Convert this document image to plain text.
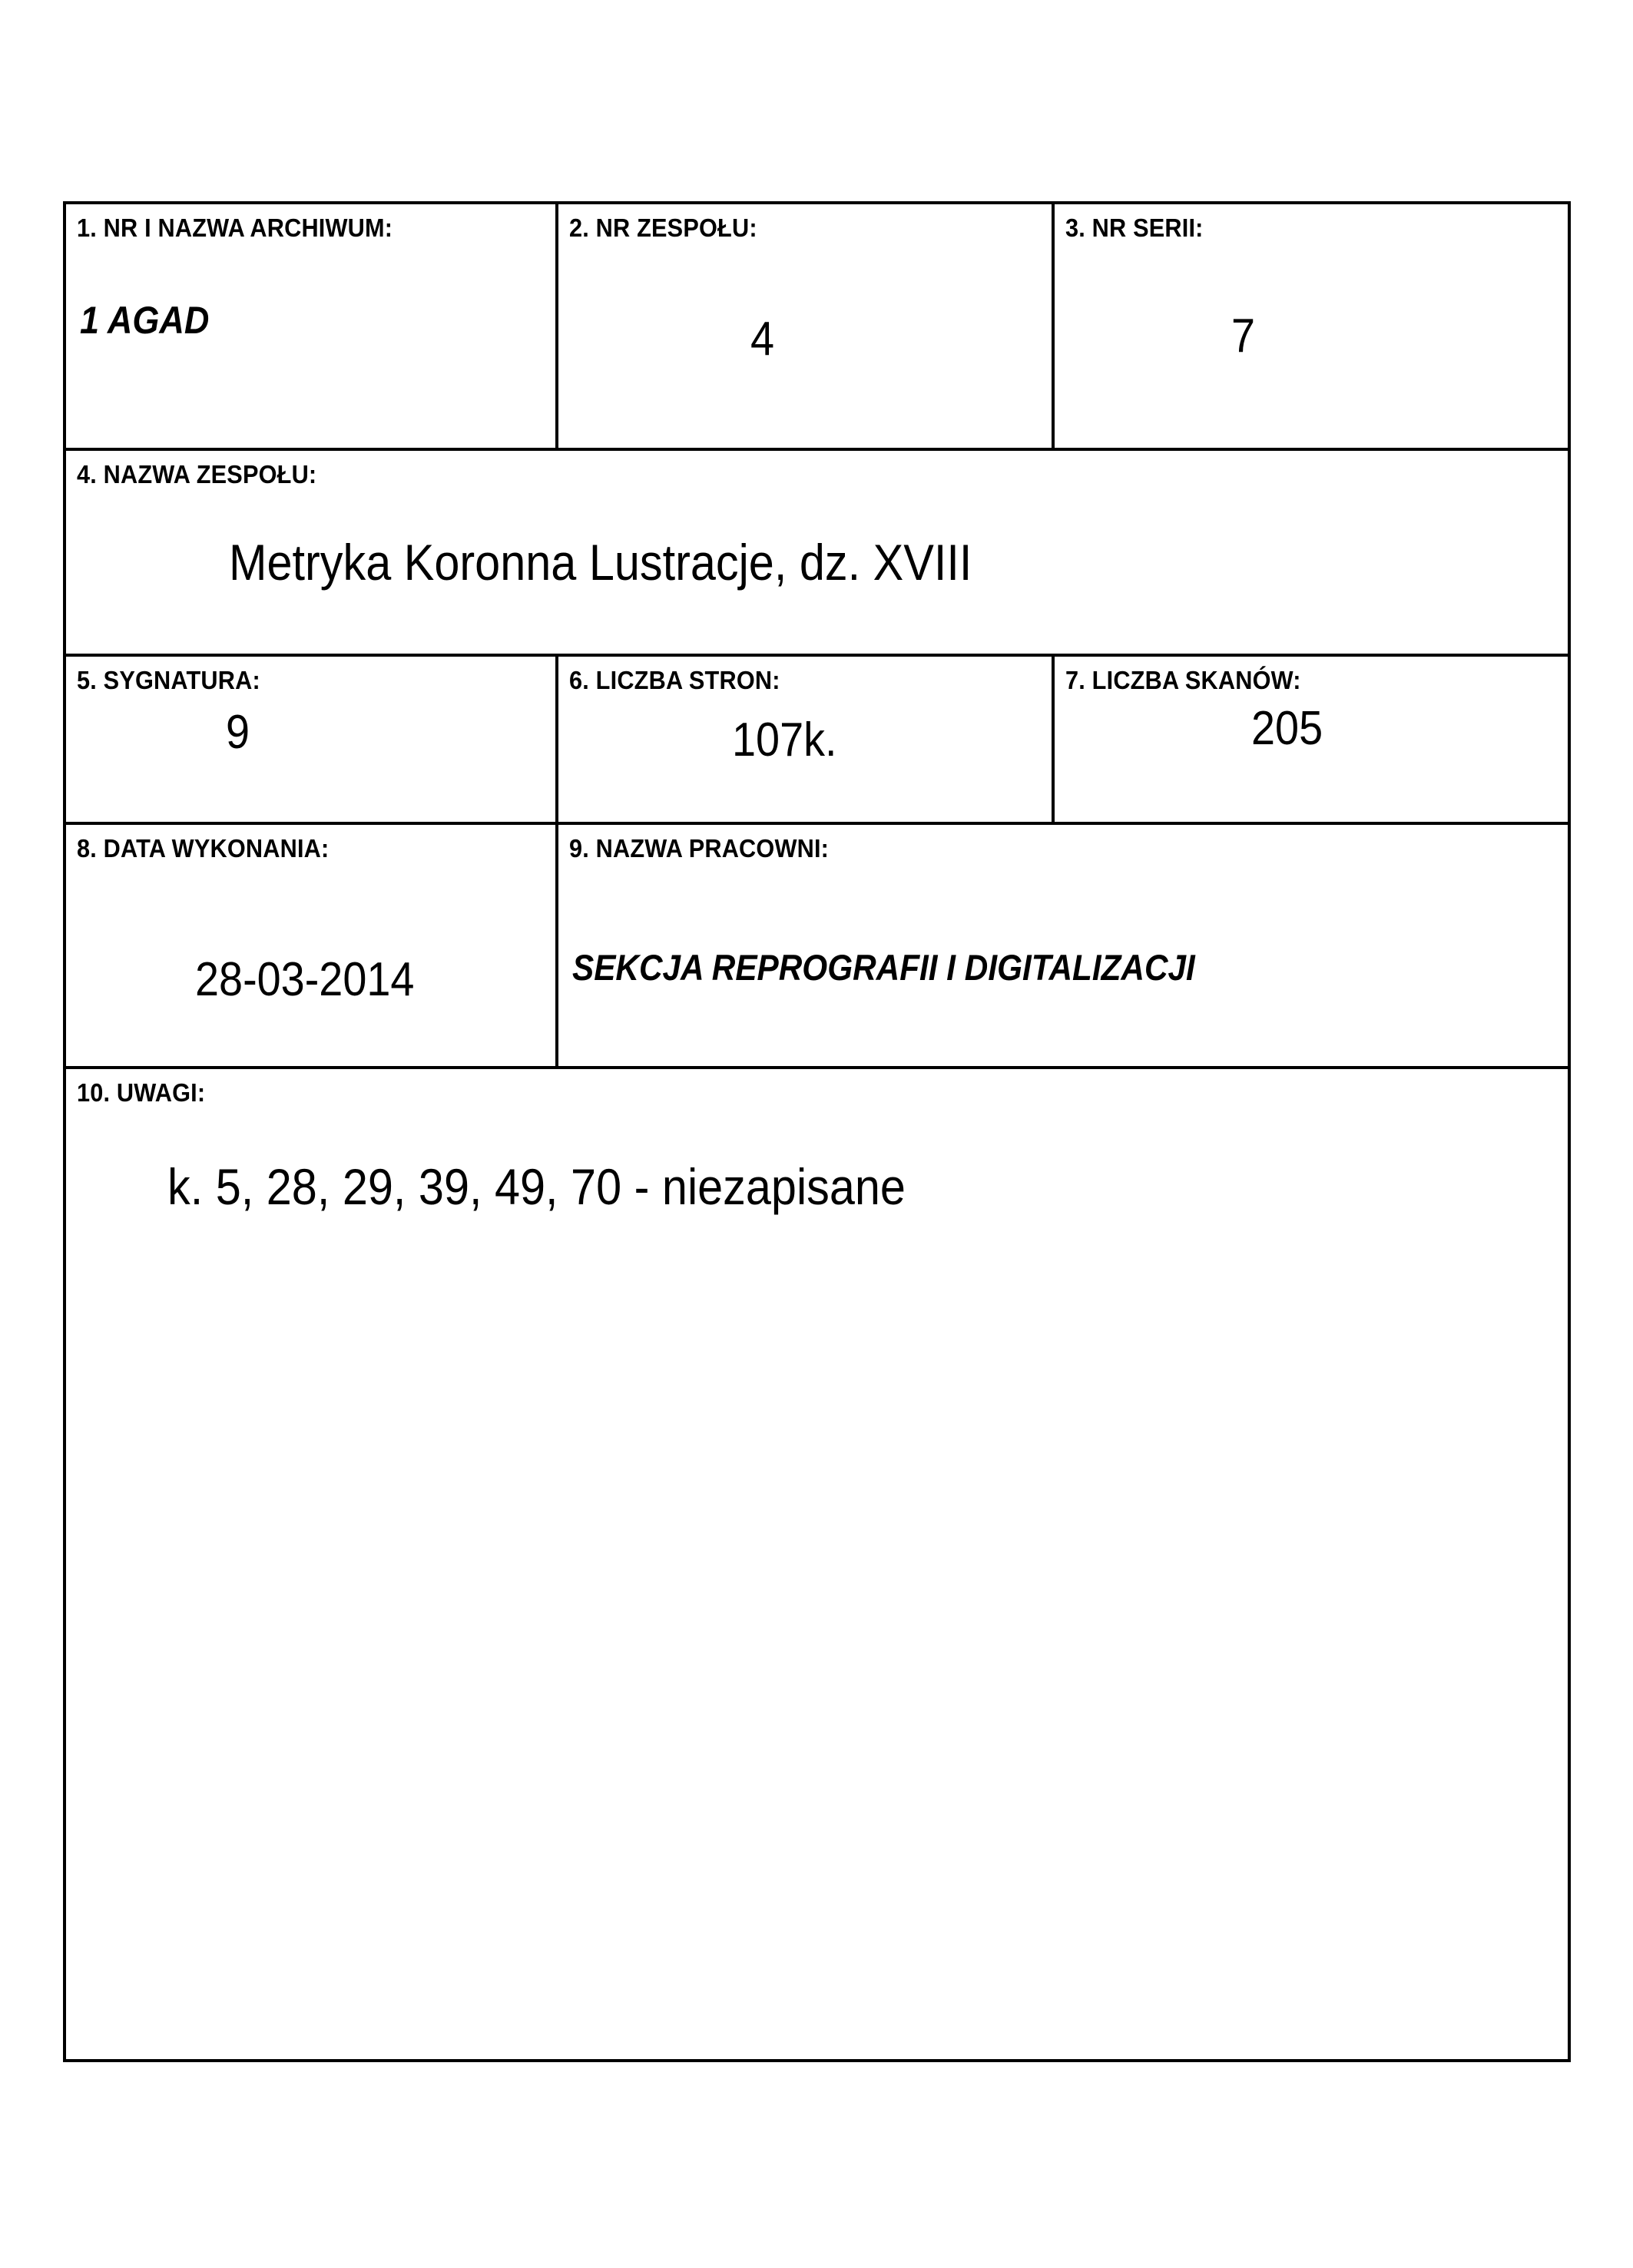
1. NR I NAZWA ARCHIWUM:
1 AGAD
2. NR ZESPOŁU:
4
3. NR SERII:
7
4. NAZWA ZESPOŁU:
Metryka Koronna Lustracje, dz. XVIII
5. SYGNATURA:
9
6. LICZBA STRON:
107k.
7. LICZBA SKANÓW:
205
8. DATA WYKONANIA:
28-03-2014
9. NAZWA PRACOWNI:
SEKCJA REPROGRAFII I DIGITALIZACJI
10. UWAGI:
k. 5, 28, 29, 39, 49, 70 - niezapisane
